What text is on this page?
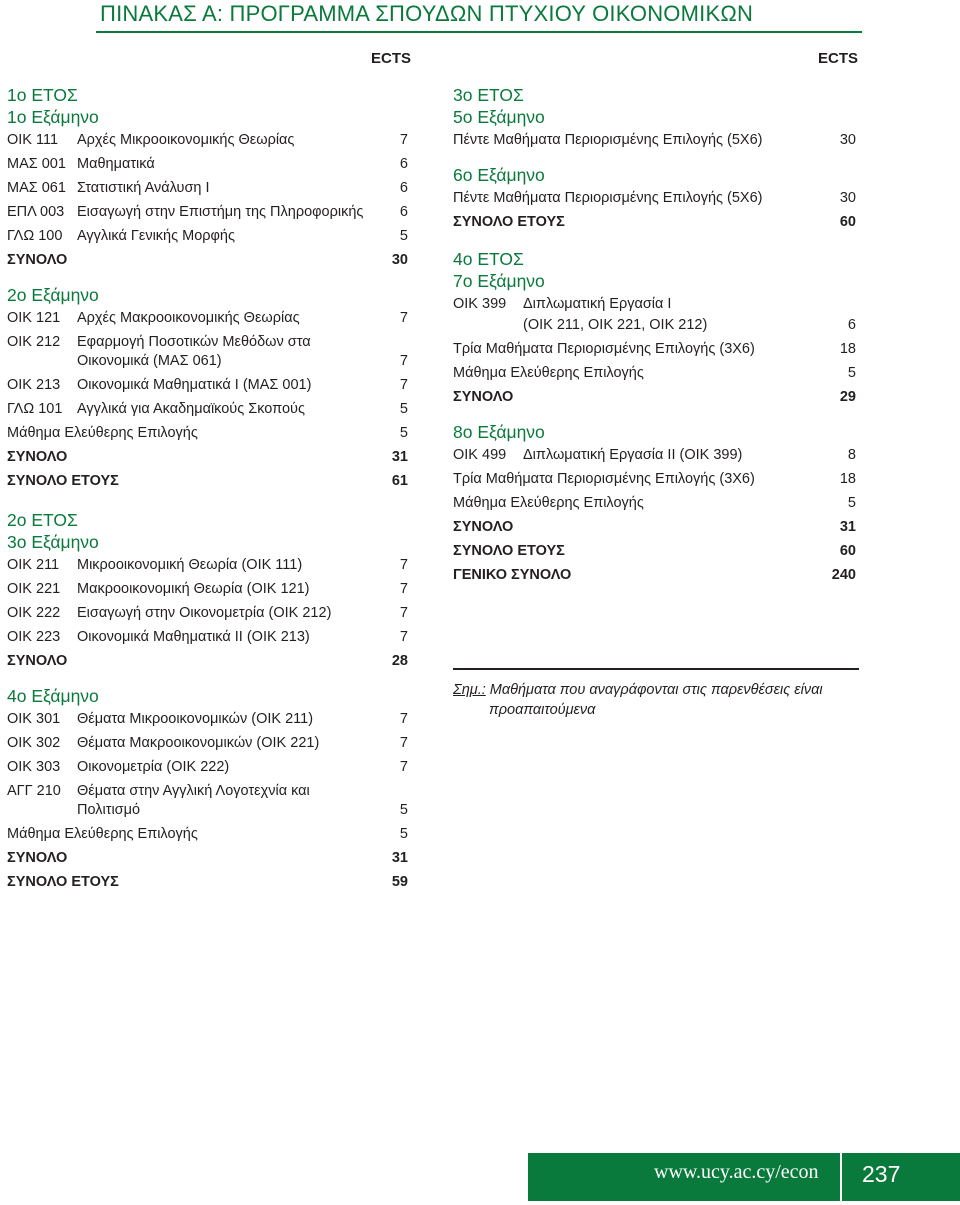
ΠΙΝΑΚΑΣ Α: ΠΡΟΓΡΑΜΜΑ ΣΠΟΥΔΩΝ ΠΤΥΧΙΟΥ ΟΙΚΟΝΟΜΙΚΩΝ
ECTS	ECTS
1ο ΕΤΟΣ
1ο Εξάμηνο
ΟΙΚ 111	Αρχές Μικροοικονομικής Θεωρίας	7
ΜΑΣ 001 Μαθηματικά	6
ΜΑΣ 061 Στατιστική Ανάλυση Ι	6
ΕΠΛ 003 Εισαγωγή στην Επιστήμη της Πληροφορικής	6
ΓΛΩ 100	Αγγλικά Γενικής Μορφής	5
ΣΥΝΟΛΟ	30
2ο Εξάμηνο
ΟΙΚ 121	Αρχές Μακροοικονομικής Θεωρίας	7
ΟΙΚ 212	Εφαρμογή Ποσοτικών Μεθόδων στα Οικονομικά (ΜΑΣ 061)	7
ΟΙΚ 213	Οικονομικά Μαθηματικά Ι (ΜΑΣ 001)	7
ΓΛΩ 101	Αγγλικά για Ακαδημαϊκούς Σκοπούς	5
Μάθημα Ελεύθερης Επιλογής	5
ΣΥΝΟΛΟ	31
ΣΥΝΟΛΟ ΕΤΟΥΣ	61
2ο ΕΤΟΣ
3ο Εξάμηνο
ΟΙΚ 211	Μικροοικονομική Θεωρία (ΟΙΚ 111)	7
ΟΙΚ 221	Μακροοικονομική Θεωρία (ΟΙΚ 121)	7
ΟΙΚ 222	Εισαγωγή στην Οικονομετρία (ΟΙΚ 212)	7
ΟΙΚ 223	Οικονομικά Μαθηματικά ΙΙ (ΟΙΚ 213)	7
ΣΥΝΟΛΟ	28
4ο Εξάμηνο
ΟΙΚ 301	Θέματα Μικροοικονομικών (ΟΙΚ 211)	7
ΟΙΚ 302	Θέματα Μακροοικονομικών (ΟΙΚ 221)	7
ΟΙΚ 303	Οικονομετρία (ΟΙΚ 222)	7
ΑΓΓ 210	Θέματα στην Αγγλική Λογοτεχνία και Πολιτισμό	5
Μάθημα Ελεύθερης Επιλογής	5
ΣΥΝΟΛΟ	31
ΣΥΝΟΛΟ ΕΤΟΥΣ	59
3ο ΕΤΟΣ
5ο Εξάμηνο
Πέντε Μαθήματα Περιορισμένης Επιλογής (5Χ6)	30
6ο Εξάμηνο
Πέντε Μαθήματα Περιορισμένης Επιλογής (5Χ6)	30
ΣΥΝΟΛΟ ΕΤΟΥΣ	60
4ο ΕΤΟΣ
7ο Εξάμηνο
ΟΙΚ 399	Διπλωματική Εργασία Ι
(ΟΙΚ 211, ΟΙΚ 221, ΟΙΚ 212)	6
Τρία Μαθήματα Περιορισμένης Επιλογής (3Χ6)	18
Μάθημα Ελεύθερης Επιλογής	5
ΣΥΝΟΛΟ	29
8ο Εξάμηνο
ΟΙΚ 499	Διπλωματική Εργασία ΙΙ (ΟΙΚ 399)	8
Τρία Μαθήματα Περιορισμένης Επιλογής (3Χ6)	18
Μάθημα Ελεύθερης Επιλογής	5
ΣΥΝΟΛΟ	31
ΣΥΝΟΛΟ ΕΤΟΥΣ	60
ΓΕΝΙΚΟ ΣΥΝΟΛΟ	240
Σημ.: Μαθήματα που αναγράφονται στις παρενθέσεις είναι
προαπαιτούμενα
www.ucy.ac.cy/econ 237
